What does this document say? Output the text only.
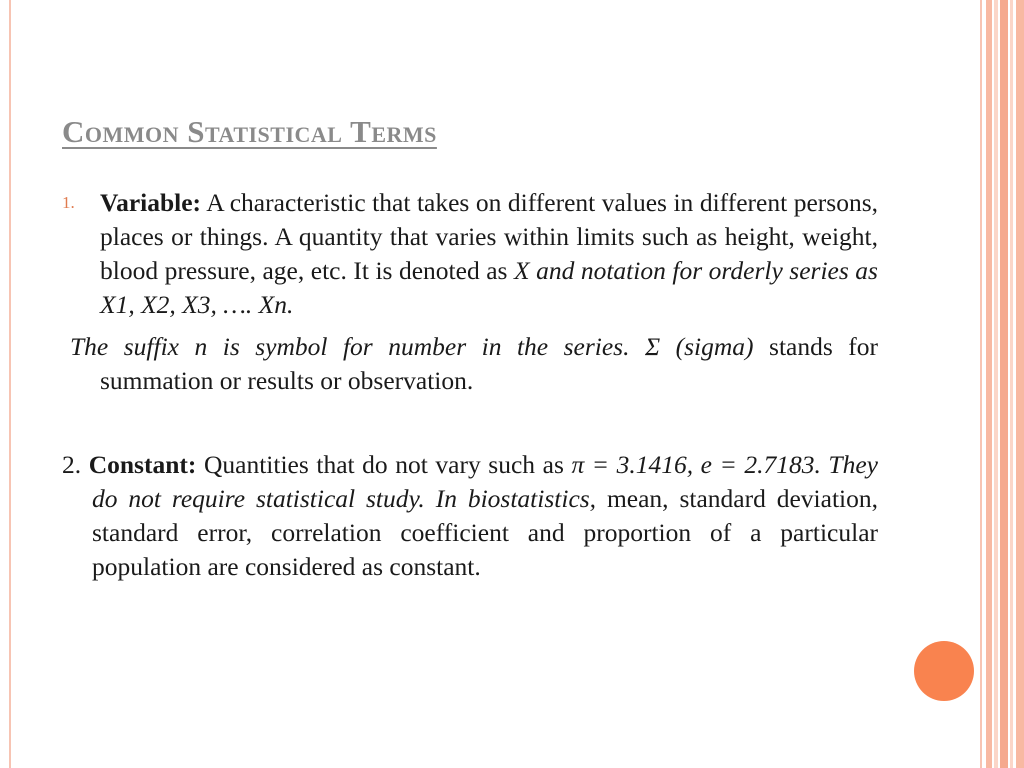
Common Statistical Terms
1. Variable: A characteristic that takes on different values in different persons, places or things. A quantity that varies within limits such as height, weight, blood pressure, age, etc. It is denoted as X and notation for orderly series as X1, X2, X3, …. Xn.
The suffix n is symbol for number in the series. Σ (sigma) stands for summation or results or observation.
2. Constant: Quantities that do not vary such as π = 3.1416, e = 2.7183. They do not require statistical study. In biostatistics, mean, standard deviation, standard error, correlation coefficient and proportion of a particular population are considered as constant.
